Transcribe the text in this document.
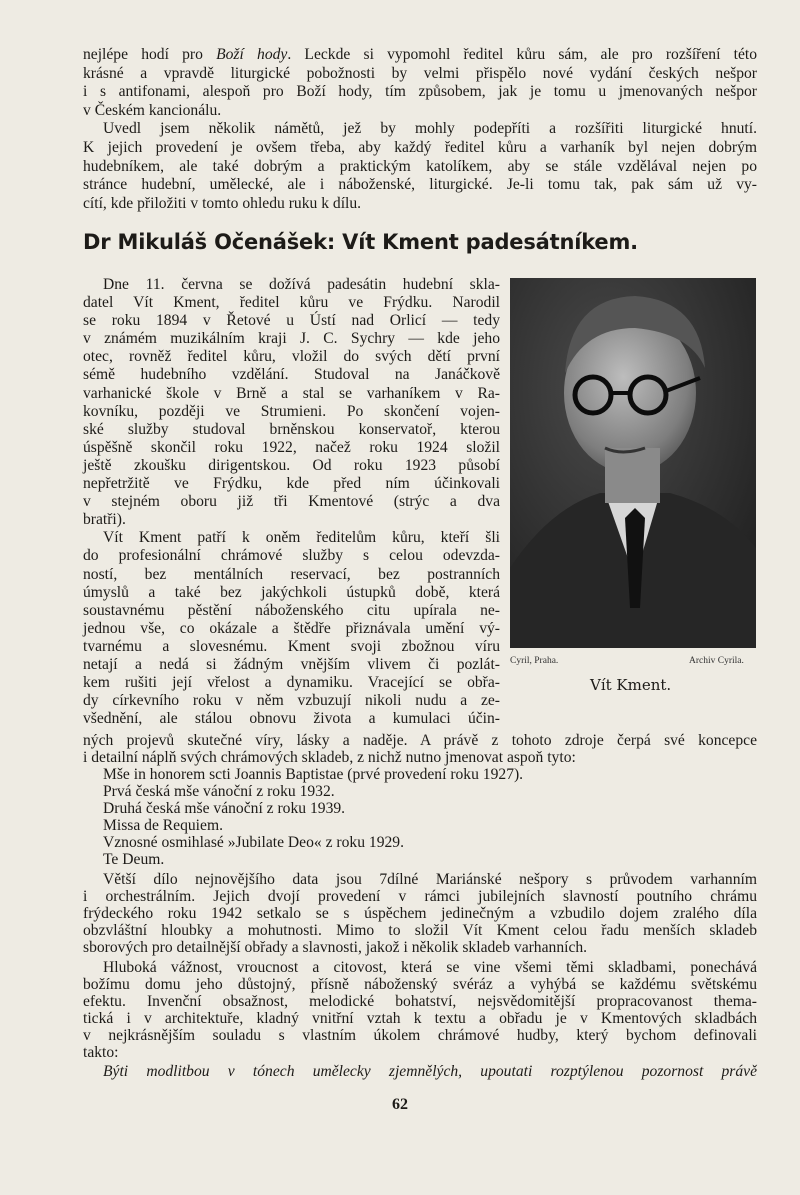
nejlépe hodí pro Boží hody. Leckde si vypomohl ředitel kůru sám, ale pro rozšíření této
krásné a vpravdě liturgické pobožnosti by velmi přispělo nové vydání českých nešpor
i s antifonami, alespoň pro Boží hody, tím způsobem, jak je tomu u jmenovaných nešpor
v Českém kancionálu.
Uvedl jsem několik námětů, jež by mohly podepříti a rozšířiti liturgické hnutí.
K jejich provedení je ovšem třeba, aby každý ředitel kůru a varhaník byl nejen dobrým
hudebníkem, ale také dobrým a praktickým katolíkem, aby se stále vzdělával nejen po
stránce hudební, umělecké, ale i náboženské, liturgické. Je-li tomu tak, pak sám už vy-
cítí, kde přiložiti v tomto ohledu ruku k dílu.
Dr Mikuláš Očenášek: Vít Kment padesátníkem.
Dne 11. června se dožívá padesátin hudební skla-
datel Vít Kment, ředitel kůru ve Frýdku. Narodil
se roku 1894 v Řetové u Ústí nad Orlicí — tedy
v známém muzikálním kraji J. C. Sychry — kde jeho
otec, rovněž ředitel kůru, vložil do svých dětí první
sémě hudebního vzdělání. Studoval na Janáčkově
varhanické škole v Brně a stal se varhaníkem v Ra-
kovníku, později ve Strumieni. Po skončení vojen-
ské služby studoval brněnskou konservatoř, kterou
úspěšně skončil roku 1922, načež roku 1924 složil
ještě zkoušku dirigentskou. Od roku 1923 působí
nepřetržitě ve Frýdku, kde před ním účinkovali
v stejném oboru již tři Kmentové (strýc a dva
bratři).
Vít Kment patří k oněm ředitelům kůru, kteří šli
do profesionální chrámové služby s celou odevzda-
ností, bez mentálních reservací, bez postranních
úmyslů a také bez jakýchkoli ústupků době, která
soustavnému pěstění náboženského citu upírala ne-
jednou vše, co okázale a štědře přiznávala umění vý-
tvarnému a slovesnému. Kment svoji zbožnou víru
netají a nedá si žádným vnějším vlivem či pozlát-
kem rušiti její vřelost a dynamiku. Vracející se obřa-
dy církevního roku v něm vzbuzují nikoli nudu a ze-
všednění, ale stálou obnovu života a kumulaci účin-
Cyril, Praha.	Archiv Cyrila.
Vít Kment.
ných projevů skutečné víry, lásky a naděje. A právě z tohoto zdroje čerpá své koncepce
i detailní náplň svých chrámových skladeb, z nichž nutno jmenovat aspoň tyto:
Mše in honorem scti Joannis Baptistae (prvé provedení roku 1927).
Prvá česká mše vánoční z roku 1932.
Druhá česká mše vánoční z roku 1939.
Missa de Requiem.
Vznosné osmihlasé »Jubilate Deo« z roku 1929.
Te Deum.
Větší dílo nejnovějšího data jsou 7dílné Mariánské nešpory s průvodem varhanním
i orchestrálním. Jejich dvojí provedení v rámci jubilejních slavností poutního chrámu
frýdeckého roku 1942 setkalo se s úspěchem jedinečným a vzbudilo dojem zralého díla
obzvláštní hloubky a mohutnosti. Mimo to složil Vít Kment celou řadu menších skladeb
sborových pro detailnější obřady a slavnosti, jakož i několik skladeb varhanních.
Hluboká vážnost, vroucnost a citovost, která se vine všemi těmi skladbami, ponechává
božímu domu jeho důstojný, přísně náboženský svéráz a vyhýbá se každému světskému
efektu. Invenční obsažnost, melodické bohatství, nejsvědomitější propracovanost thema-
tická i v architektuře, kladný vnitřní vztah k textu a obřadu je v Kmentových skladbách
v nejkrásnějším souladu s vlastním úkolem chrámové hudby, který bychom definovali
takto:
Býti modlitbou v tónech umělecky zjemnělých, upoutati rozptýlenou pozornost právě
62
